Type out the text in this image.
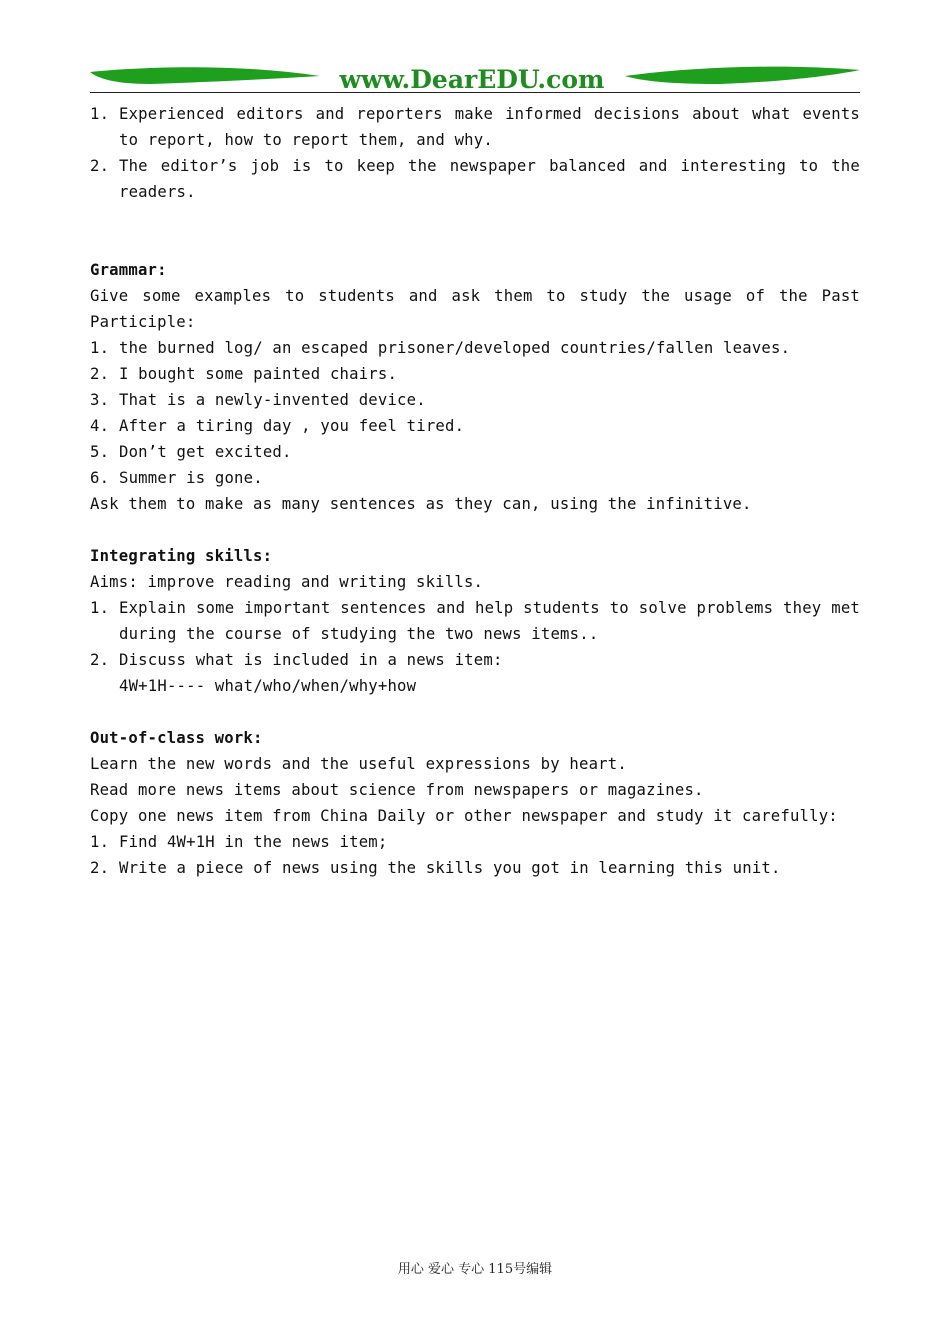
www.DearEDU.com
1. Experienced editors and reporters make informed decisions about what events
to report, how to report them, and why.
2. The editor’s job is to keep the newspaper balanced and interesting to the
readers.
Grammar:
Give some examples to students and ask them to study the usage of the Past
Participle:
1. the burned log/ an escaped prisoner/developed countries/fallen leaves.
2. I bought some painted chairs.
3. That is a newly-invented device.
4. After a tiring day , you feel tired.
5. Don’t get excited.
6. Summer is gone.
Ask them to make as many sentences as they can, using the infinitive.
Integrating skills:
Aims: improve reading and writing skills.
1. Explain some important sentences and help students to solve problems they met
during the course of studying the two news items..
2. Discuss what is included in a news item:
4W+1H---- what/who/when/why+how
Out-of-class work:
Learn the new words and the useful expressions by heart.
Read more news items about science from newspapers or magazines.
Copy one news item from China Daily or other newspaper and study it carefully:
1. Find 4W+1H in the news item;
2. Write a piece of news using the skills you got in learning this unit.
用心 爱心 专心 115号编辑
